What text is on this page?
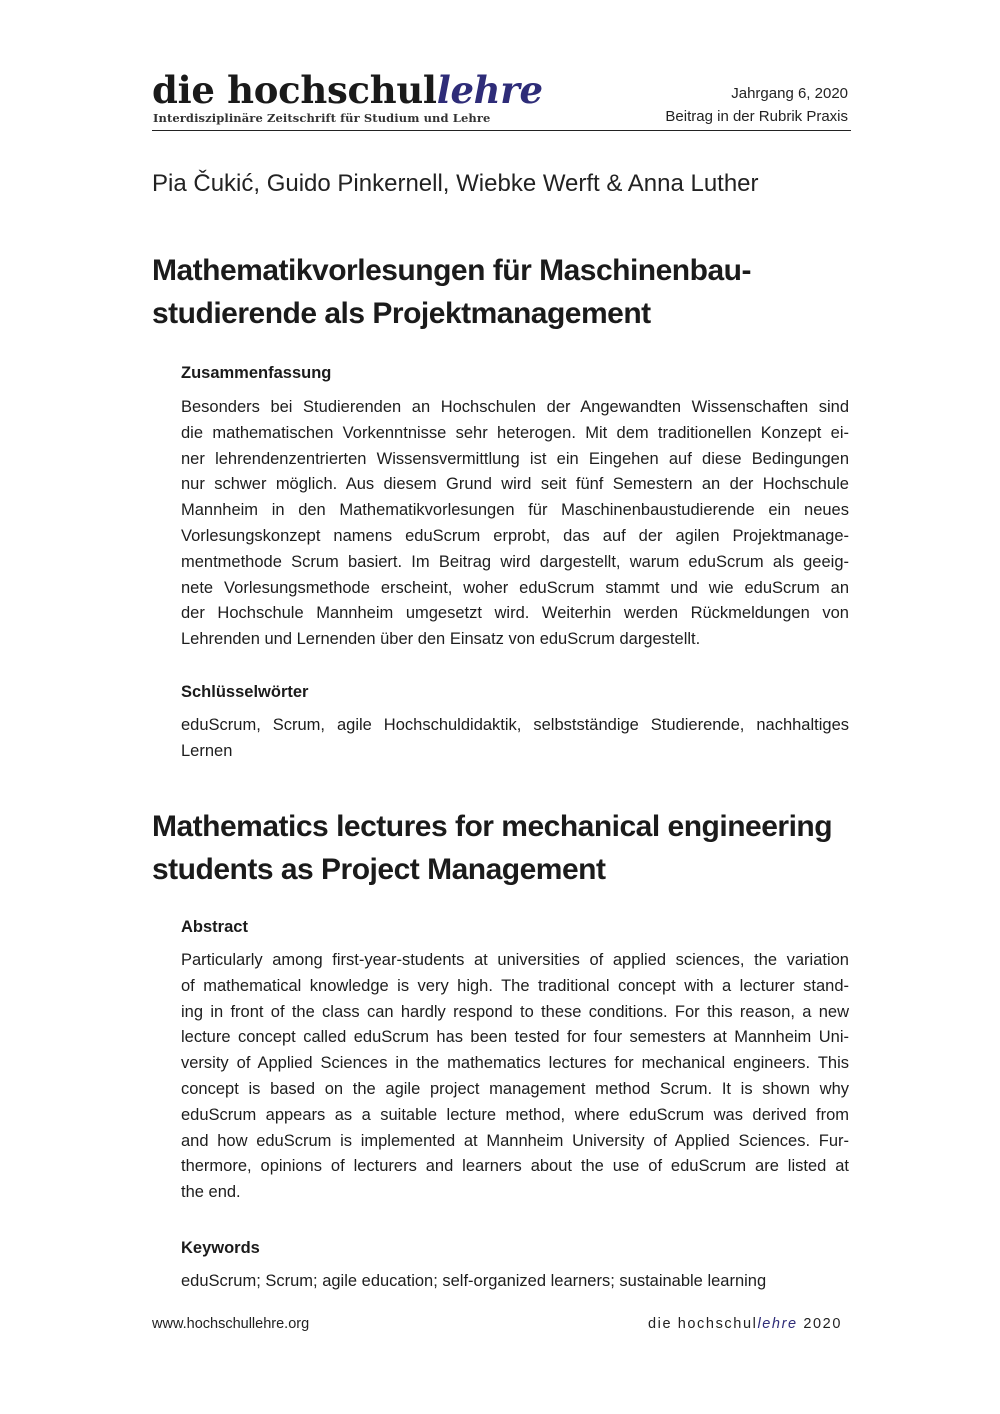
die hochschullehre
Interdisziplinäre Zeitschrift für Studium und Lehre
Jahrgang 6, 2020
Beitrag in der Rubrik Praxis
Pia Čukić, Guido Pinkernell, Wiebke Werft & Anna Luther
Mathematikvorlesungen für Maschinenbau-
studierende als Projektmanagement
Zusammenfassung
Besonders bei Studierenden an Hochschulen der Angewandten Wissenschaften sind
die mathematischen Vorkenntnisse sehr heterogen. Mit dem traditionellen Konzept ei-
ner lehrendenzentrierten Wissensvermittlung ist ein Eingehen auf diese Bedingungen
nur schwer möglich. Aus diesem Grund wird seit fünf Semestern an der Hochschule
Mannheim in den Mathematikvorlesungen für Maschinenbaustudierende ein neues
Vorlesungskonzept namens eduScrum erprobt, das auf der agilen Projektmanage-
mentmethode Scrum basiert. Im Beitrag wird dargestellt, warum eduScrum als geeig-
nete Vorlesungsmethode erscheint, woher eduScrum stammt und wie eduScrum an
der Hochschule Mannheim umgesetzt wird. Weiterhin werden Rückmeldungen von
Lehrenden und Lernenden über den Einsatz von eduScrum dargestellt.
Schlüsselwörter
eduScrum, Scrum, agile Hochschuldidaktik, selbstständige Studierende, nachhaltiges
Lernen
Mathematics lectures for mechanical engineering
students as Project Management
Abstract
Particularly among first-year-students at universities of applied sciences, the variation
of mathematical knowledge is very high. The traditional concept with a lecturer stand-
ing in front of the class can hardly respond to these conditions. For this reason, a new
lecture concept called eduScrum has been tested for four semesters at Mannheim Uni-
versity of Applied Sciences in the mathematics lectures for mechanical engineers. This
concept is based on the agile project management method Scrum. It is shown why
eduScrum appears as a suitable lecture method, where eduScrum was derived from
and how eduScrum is implemented at Mannheim University of Applied Sciences. Fur-
thermore, opinions of lecturers and learners about the use of eduScrum are listed at
the end.
Keywords
eduScrum; Scrum; agile education; self-organized learners; sustainable learning
www.hochschullehre.org	die hochschullehre 2020
